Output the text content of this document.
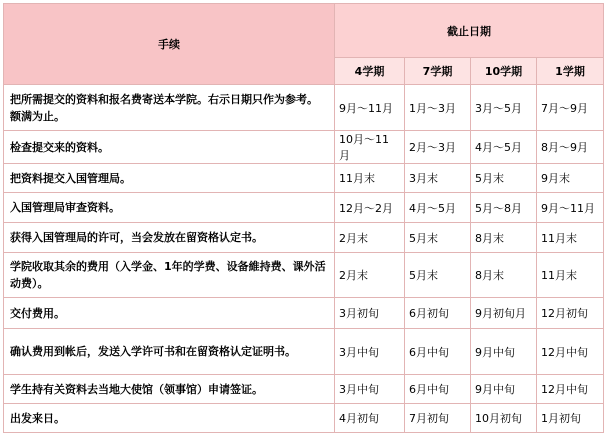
手续	截止日期			
	4学期	7学期	10学期	1学期
把所需提交的资料和报名费寄送本学院。右示日期只作为参考。额满为止。	9月～11月	1月～3月	3月～5月	7月～9月
检查提交来的资料。	10月～11月	2月～3月	4月～5月	8月～9月
把资料提交入国管理局。	11月末	3月末	5月末	9月末
入国管理局审查资料。	12月～2月	4月～5月	5月～8月	9月～11月
获得入国管理局的许可，当会发放在留资格认定书。	2月末	5月末	8月末	11月末
学院收取其余的费用（入学金、1年的学费、设备維持费、课外活动费）。	2月末	5月末	8月末	11月末
交付费用。	3月初旬	6月初旬	9月初旬月	12月初旬
确认费用到帐后，发送入学许可书和在留资格认定证明书。	3月中旬	6月中旬	9月中旬	12月中旬
学生持有关资料去当地大使馆（领事馆）申请签证。	3月中旬	6月中旬	9月中旬	12月中旬
出发来日。	4月初旬	7月初旬	10月初旬	1月初旬
